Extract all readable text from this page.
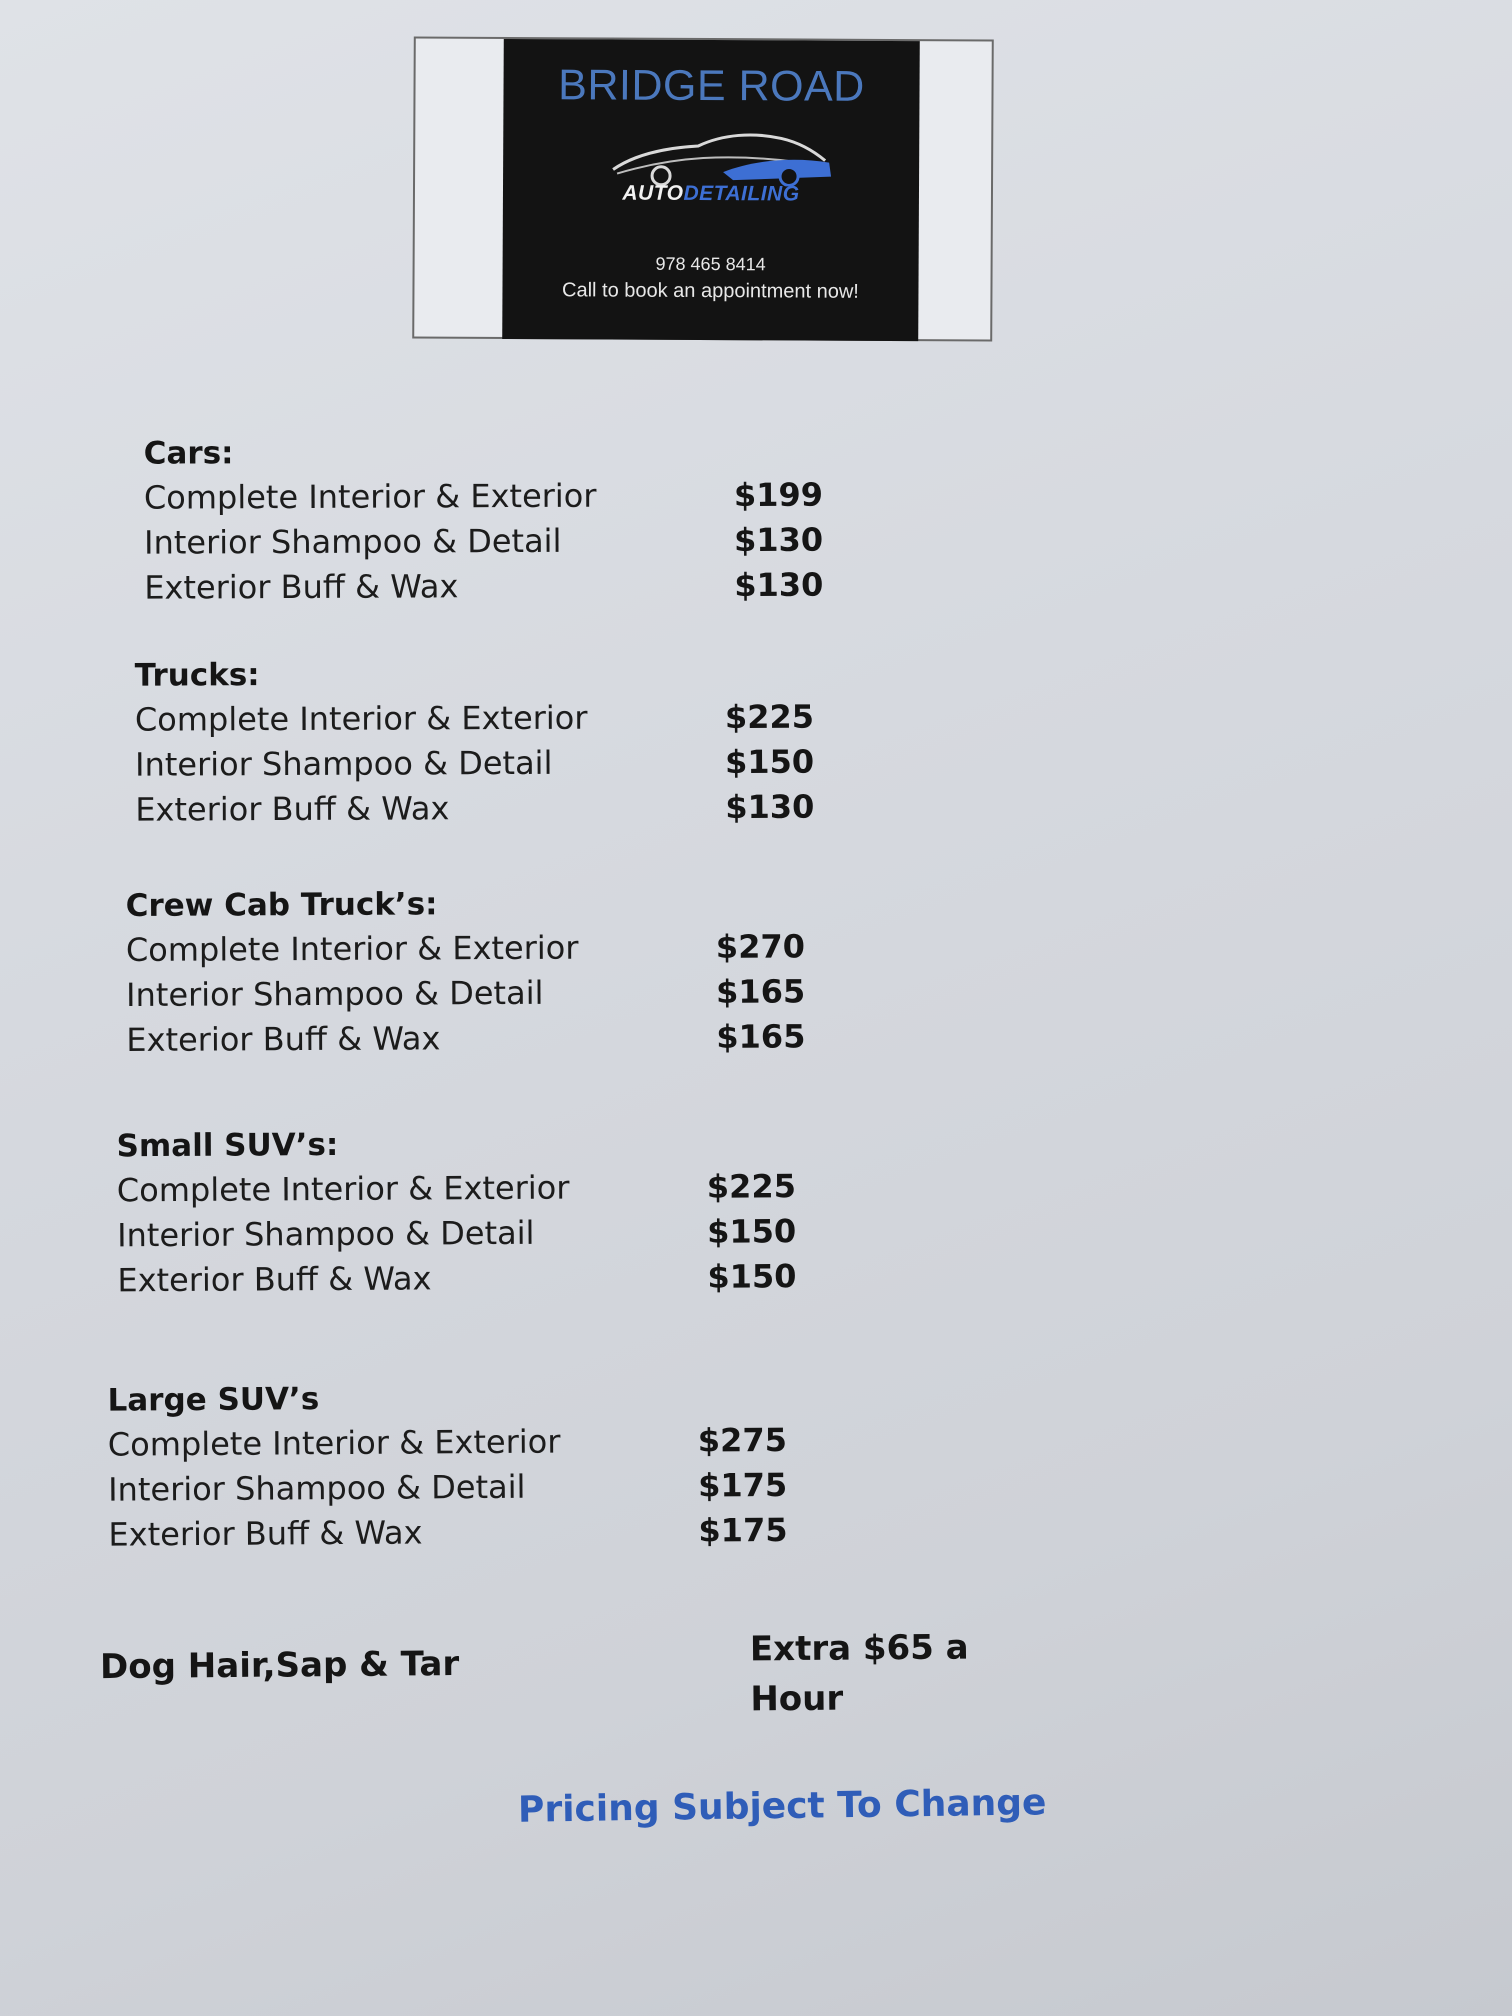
BRIDGE ROAD
AUTODETAILING
978 465 8414
Call to book an appointment now!
Cars:
Complete Interior & Exterior	$199
Interior Shampoo & Detail	$130
Exterior Buff & Wax	$130
Trucks:
Complete Interior & Exterior	$225
Interior Shampoo & Detail	$150
Exterior Buff & Wax	$130
Crew Cab Truck’s:
Complete Interior & Exterior	$270
Interior Shampoo & Detail	$165
Exterior Buff & Wax	$165
Small SUV’s:
Complete Interior & Exterior	$225
Interior Shampoo & Detail	$150
Exterior Buff & Wax	$150
Large SUV’s
Complete Interior & Exterior	$275
Interior Shampoo & Detail	$175
Exterior Buff & Wax	$175
Dog Hair,Sap & Tar	Extra $65 a Hour
Pricing Subject To Change
